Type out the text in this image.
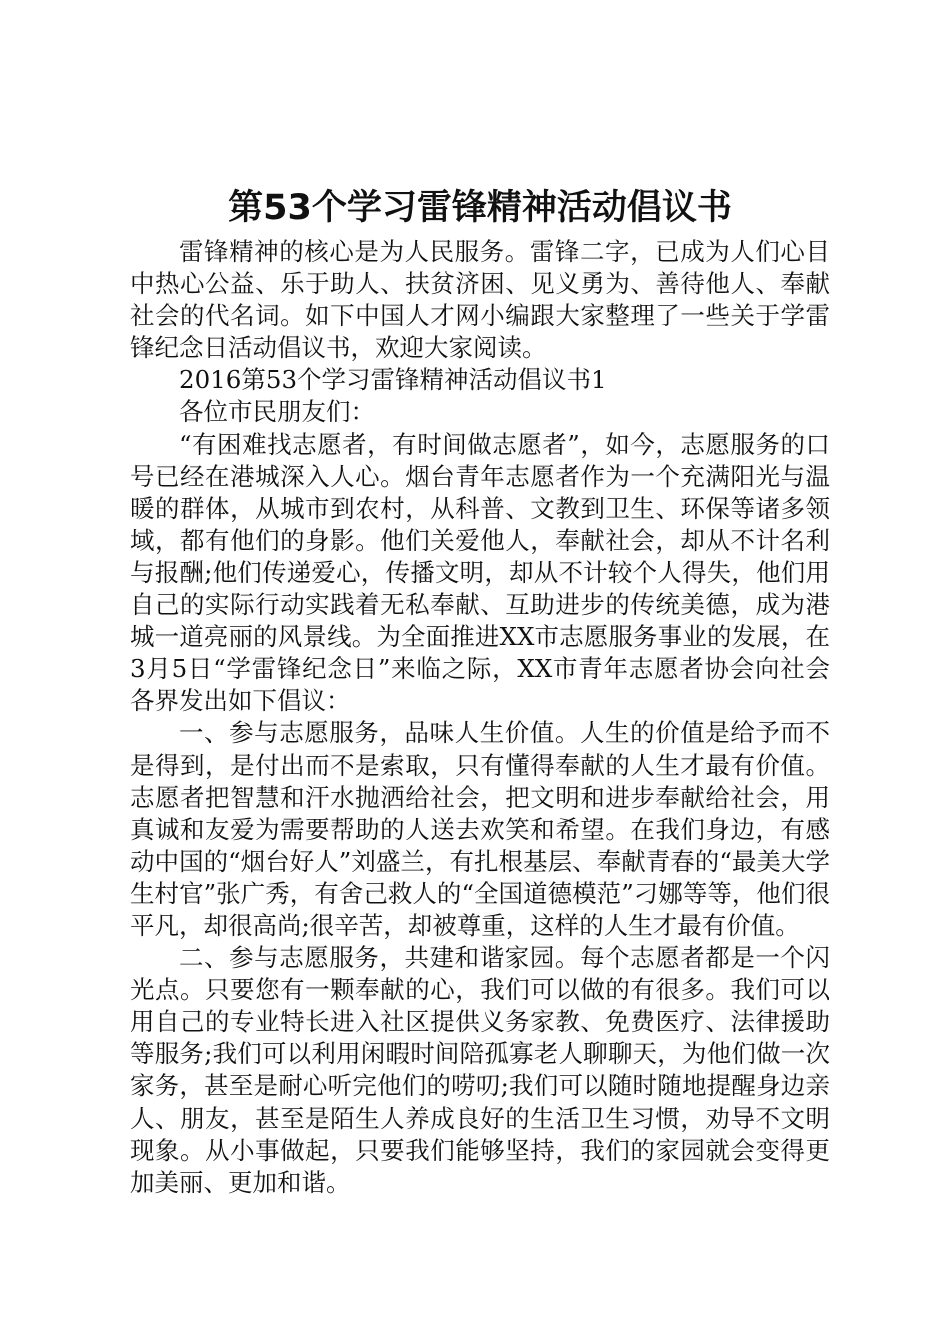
第53个学习雷锋精神活动倡议书

雷锋精神的核心是为人民服务。雷锋二字，已成为人们心目中热心公益、乐于助人、扶贫济困、见义勇为、善待他人、奉献社会的代名词。如下中国人才网小编跟大家整理了一些关于学雷锋纪念日活动倡议书，欢迎大家阅读。

2016第53个学习雷锋精神活动倡议书1

各位市民朋友们：

“有困难找志愿者，有时间做志愿者”，如今，志愿服务的口号已经在港城深入人心。烟台青年志愿者作为一个充满阳光与温暖的群体，从城市到农村，从科普、文教到卫生、环保等诸多领域，都有他们的身影。他们关爱他人，奉献社会，却从不计名利与报酬;他们传递爱心，传播文明，却从不计较个人得失，他们用自己的实际行动实践着无私奉献、互助进步的传统美德，成为港城一道亮丽的风景线。为全面推进XX市志愿服务事业的发展，在3月5日“学雷锋纪念日”来临之际，XX市青年志愿者协会向社会各界发出如下倡议：

一、参与志愿服务，品味人生价值。人生的价值是给予而不是得到，是付出而不是索取，只有懂得奉献的人生才最有价值。志愿者把智慧和汗水抛洒给社会，把文明和进步奉献给社会，用真诚和友爱为需要帮助的人送去欢笑和希望。在我们身边，有感动中国的“烟台好人”刘盛兰，有扎根基层、奉献青春的“最美大学生村官”张广秀，有舍己救人的“全国道德模范”刁娜等等，他们很平凡，却很高尚;很辛苦，却被尊重，这样的人生才最有价值。

二、参与志愿服务，共建和谐家园。每个志愿者都是一个闪光点。只要您有一颗奉献的心，我们可以做的有很多。我们可以用自己的专业特长进入社区提供义务家教、免费医疗、法律援助等服务;我们可以利用闲暇时间陪孤寡老人聊聊天，为他们做一次家务，甚至是耐心听完他们的唠叨;我们可以随时随地提醒身边亲人、朋友，甚至是陌生人养成良好的生活卫生习惯，劝导不文明现象。从小事做起，只要我们能够坚持，我们的家园就会变得更加美丽、更加和谐。
